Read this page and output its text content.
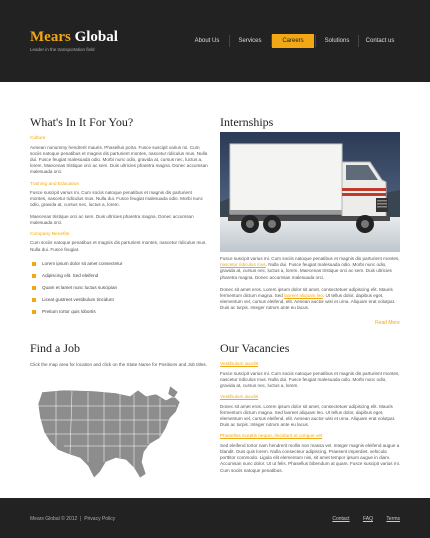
Mears Global
Leader in the transportation field
About Us	Services	Careers	Solutions	Contact us
What's In It For You?
Culture

Aenean nonummy hendrerit mauris. Phasellus porta. Fusce suscipit varius mi. Cum sociis natoque penatibus et magnis dis parturient montes, nascetur ridiculus mus. Nulla dui. Fusce feugiat malesuada odio. Morbi nunc odio, gravida at, cursus nec, luctus a, lorem. Maecenas tristique orci ac sem. Duis ultricies pharetra magna. Donec accumsan malesuada orci.

Training and Education

Fusce suscipit varius mi. Cum sociis natoque penatibus et magnis dis parturient montes, nascetur ridiculus mus. Nulla dui. Fusce feugiat malesuada odio. Morbi nunc odio, gravida at, cursus nec, luctus a, lorem.

Maecenas tristique orci ac sem. Duis ultricies pharetra magna. Donec accumsan malesuada orci.

Company Benefits

Cum sociis natoque penatibus et magnis dis parturient montes, nascetur ridiculus mus. Nulla dui. Fusce feugiat.

Lorem ipsum dolor sit amet consectetur
Adipiscing elit. Sed eleifend
Quam et lamet nunc luctus suscipian
Liceat gustreet vestibulum tincidunt
Pretium tortor quis lobortis
Internships

Fusce suscipit varius mi. Cum sociis natoque penatibus et magnis dis parturient montes, nascetur ridiculus mus. Nulla dui. Fusce feugiat malesuada odio. Morbi nunc odio, gravida at, cursus nec, luctus a, lorem. Maecenas tristique orci ac sem. Duis ultricies pharetra magna. Donec accumsan malesuada orci.

Donec sit amet eros. Lorem ipsum dolor sit amet, consectetuer adipiscing elit. Mauris fermentum dictum magna. Sed laoreet aliquam leo. Ut tellus dolor, dapibus eget, elementum vel, cursus eleifend, elit. Aenean auctor wisi et urna. Aliquam erat volutpat. Duis ac turpis. Integer rutrum ante eu lacus.

Read More
Find a Job

Click the map area for location and click on the State Name for Positions and Job titles.

Our Vacancies
Vestibulum iaculis

Fusce suscipit varius mi. Cum sociis natoque penatibus et magnis dis parturient montes, nascetur ridiculus mus. Nulla dui. Fusce feugiat malesuada odio. Morbi nunc odio, gravida at, cursus nec, luctus a, lorem.

Vestibulum iaculis

Donec sit amet eros. Lorem ipsum dolor sit amet, consectetuer adipiscing elit. Mauris fermentum dictum magna. Sed laoreet aliquam leo. Ut tellus dolor, dapibus eget, elementum vel, cursus eleifend, elit. Aenean auctor wisi et urna. Aliquam erat volutpat. Duis ac turpis. Integer rutrum ante eu lacus.

Phasellus sceptis neque, tincidunt et congue vel

Sed eleifend tortor nam hendrerit mollis non massa vel. Integer magnis eleifend augue a blandit. Duis quis lorem. Nulla consecteur adipiscing. Praesent imperdiet, vehicula porttitor commodo. Ligula elit elementum nisi, sit amet tempor ipsum augue in diam. Accumsan nunc dolor. Ut ut felis. Phasellus bibendum at quam. Fusce suscipit varius mi. Cum sociis natoque penatibus.

Mears Global © 2012  |  Privacy Policy	Contact	FAQ	Terms
